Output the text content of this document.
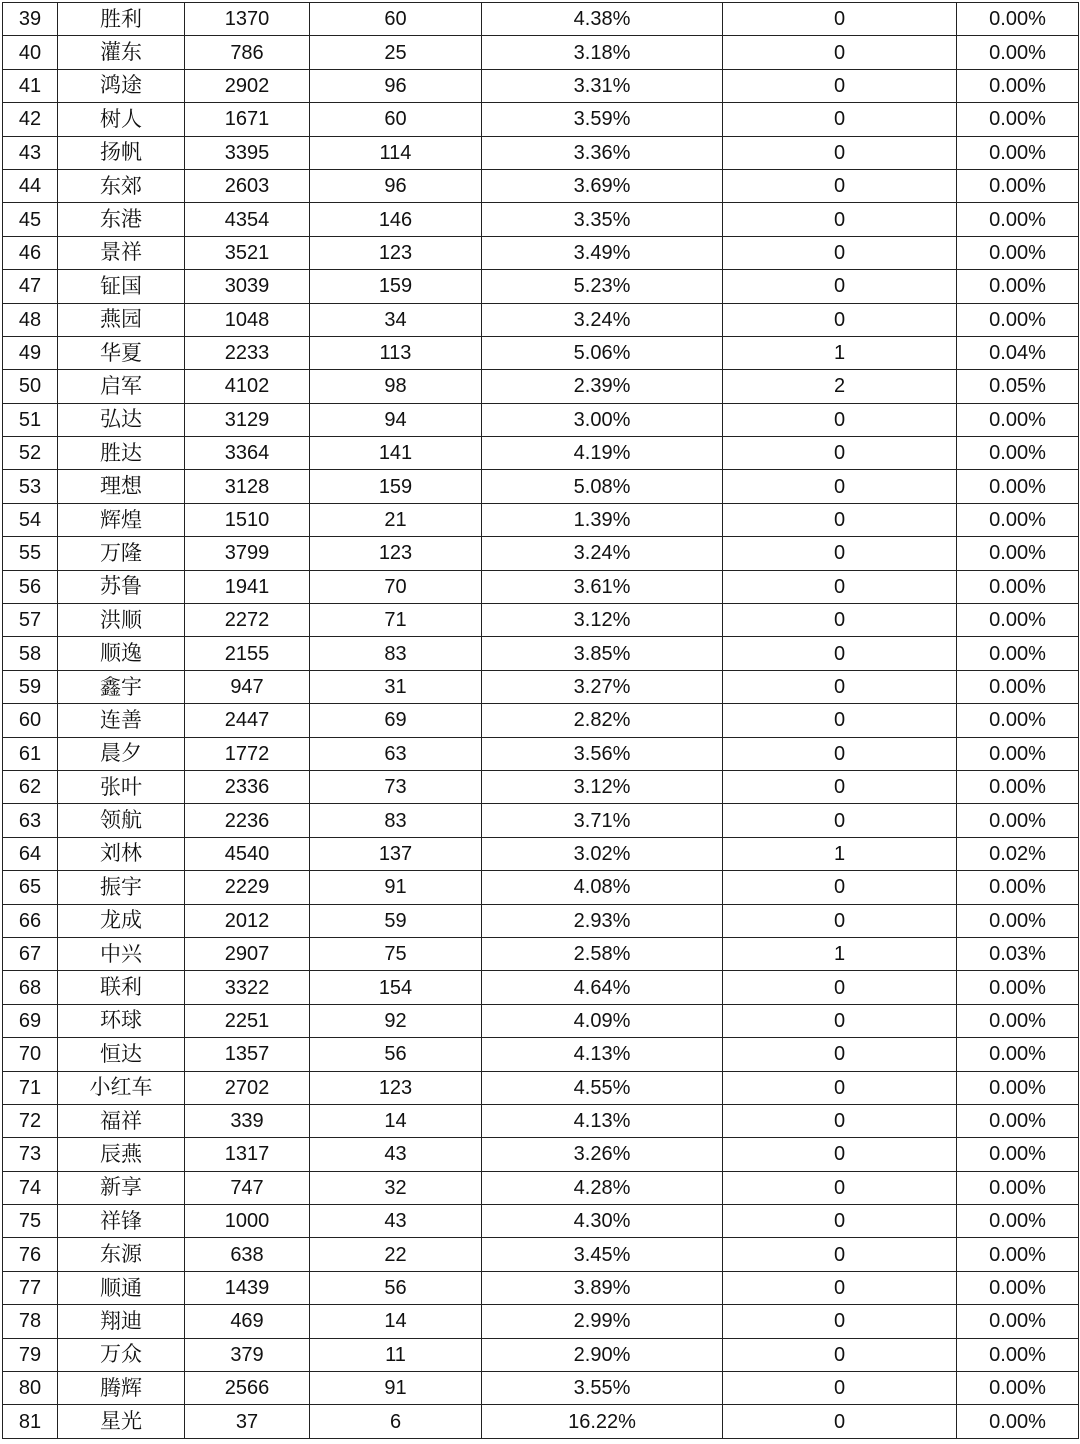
39	胜利	1370	60	4.38%	0	0.00%
40	灌东	786	25	3.18%	0	0.00%
41	鸿途	2902	96	3.31%	0	0.00%
42	树人	1671	60	3.59%	0	0.00%
43	扬帆	3395	114	3.36%	0	0.00%
44	东郊	2603	96	3.69%	0	0.00%
45	东港	4354	146	3.35%	0	0.00%
46	景祥	3521	123	3.49%	0	0.00%
47	钲国	3039	159	5.23%	0	0.00%
48	燕园	1048	34	3.24%	0	0.00%
49	华夏	2233	113	5.06%	1	0.04%
50	启军	4102	98	2.39%	2	0.05%
51	弘达	3129	94	3.00%	0	0.00%
52	胜达	3364	141	4.19%	0	0.00%
53	理想	3128	159	5.08%	0	0.00%
54	辉煌	1510	21	1.39%	0	0.00%
55	万隆	3799	123	3.24%	0	0.00%
56	苏鲁	1941	70	3.61%	0	0.00%
57	洪顺	2272	71	3.12%	0	0.00%
58	顺逸	2155	83	3.85%	0	0.00%
59	鑫宇	947	31	3.27%	0	0.00%
60	连善	2447	69	2.82%	0	0.00%
61	晨夕	1772	63	3.56%	0	0.00%
62	张叶	2336	73	3.12%	0	0.00%
63	领航	2236	83	3.71%	0	0.00%
64	刘林	4540	137	3.02%	1	0.02%
65	振宇	2229	91	4.08%	0	0.00%
66	龙成	2012	59	2.93%	0	0.00%
67	中兴	2907	75	2.58%	1	0.03%
68	联利	3322	154	4.64%	0	0.00%
69	环球	2251	92	4.09%	0	0.00%
70	恒达	1357	56	4.13%	0	0.00%
71	小红车	2702	123	4.55%	0	0.00%
72	福祥	339	14	4.13%	0	0.00%
73	辰燕	1317	43	3.26%	0	0.00%
74	新享	747	32	4.28%	0	0.00%
75	祥锋	1000	43	4.30%	0	0.00%
76	东源	638	22	3.45%	0	0.00%
77	顺通	1439	56	3.89%	0	0.00%
78	翔迪	469	14	2.99%	0	0.00%
79	万众	379	11	2.90%	0	0.00%
80	腾辉	2566	91	3.55%	0	0.00%
81	星光	37	6	16.22%	0	0.00%
